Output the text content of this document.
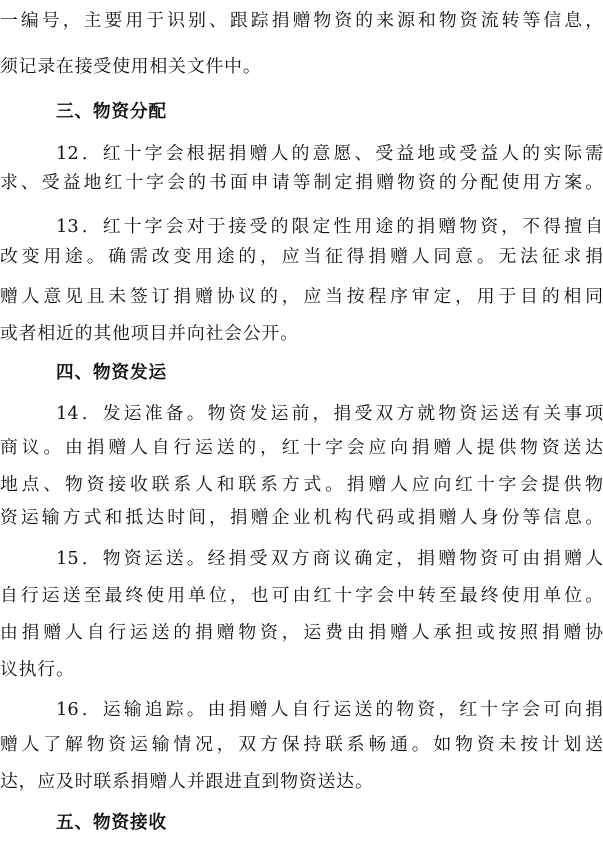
一编号，主要用于识别、跟踪捐赠物资的来源和物资流转等信息，
须记录在接受使用相关文件中。
三、物资分配
12．红十字会根据捐赠人的意愿、受益地或受益人的实际需
求、受益地红十字会的书面申请等制定捐赠物资的分配使用方案。
13．红十字会对于接受的限定性用途的捐赠物资，不得擅自
改变用途。确需改变用途的，应当征得捐赠人同意。无法征求捐
赠人意见且未签订捐赠协议的，应当按程序审定，用于目的相同
或者相近的其他项目并向社会公开。
四、物资发运
14．发运准备。物资发运前，捐受双方就物资运送有关事项
商议。由捐赠人自行运送的，红十字会应向捐赠人提供物资送达
地点、物资接收联系人和联系方式。捐赠人应向红十字会提供物
资运输方式和抵达时间，捐赠企业机构代码或捐赠人身份等信息。
15．物资运送。经捐受双方商议确定，捐赠物资可由捐赠人
自行运送至最终使用单位，也可由红十字会中转至最终使用单位。
由捐赠人自行运送的捐赠物资，运费由捐赠人承担或按照捐赠协
议执行。
16．运输追踪。由捐赠人自行运送的物资，红十字会可向捐
赠人了解物资运输情况，双方保持联系畅通。如物资未按计划送
达，应及时联系捐赠人并跟进直到物资送达。
五、物资接收
